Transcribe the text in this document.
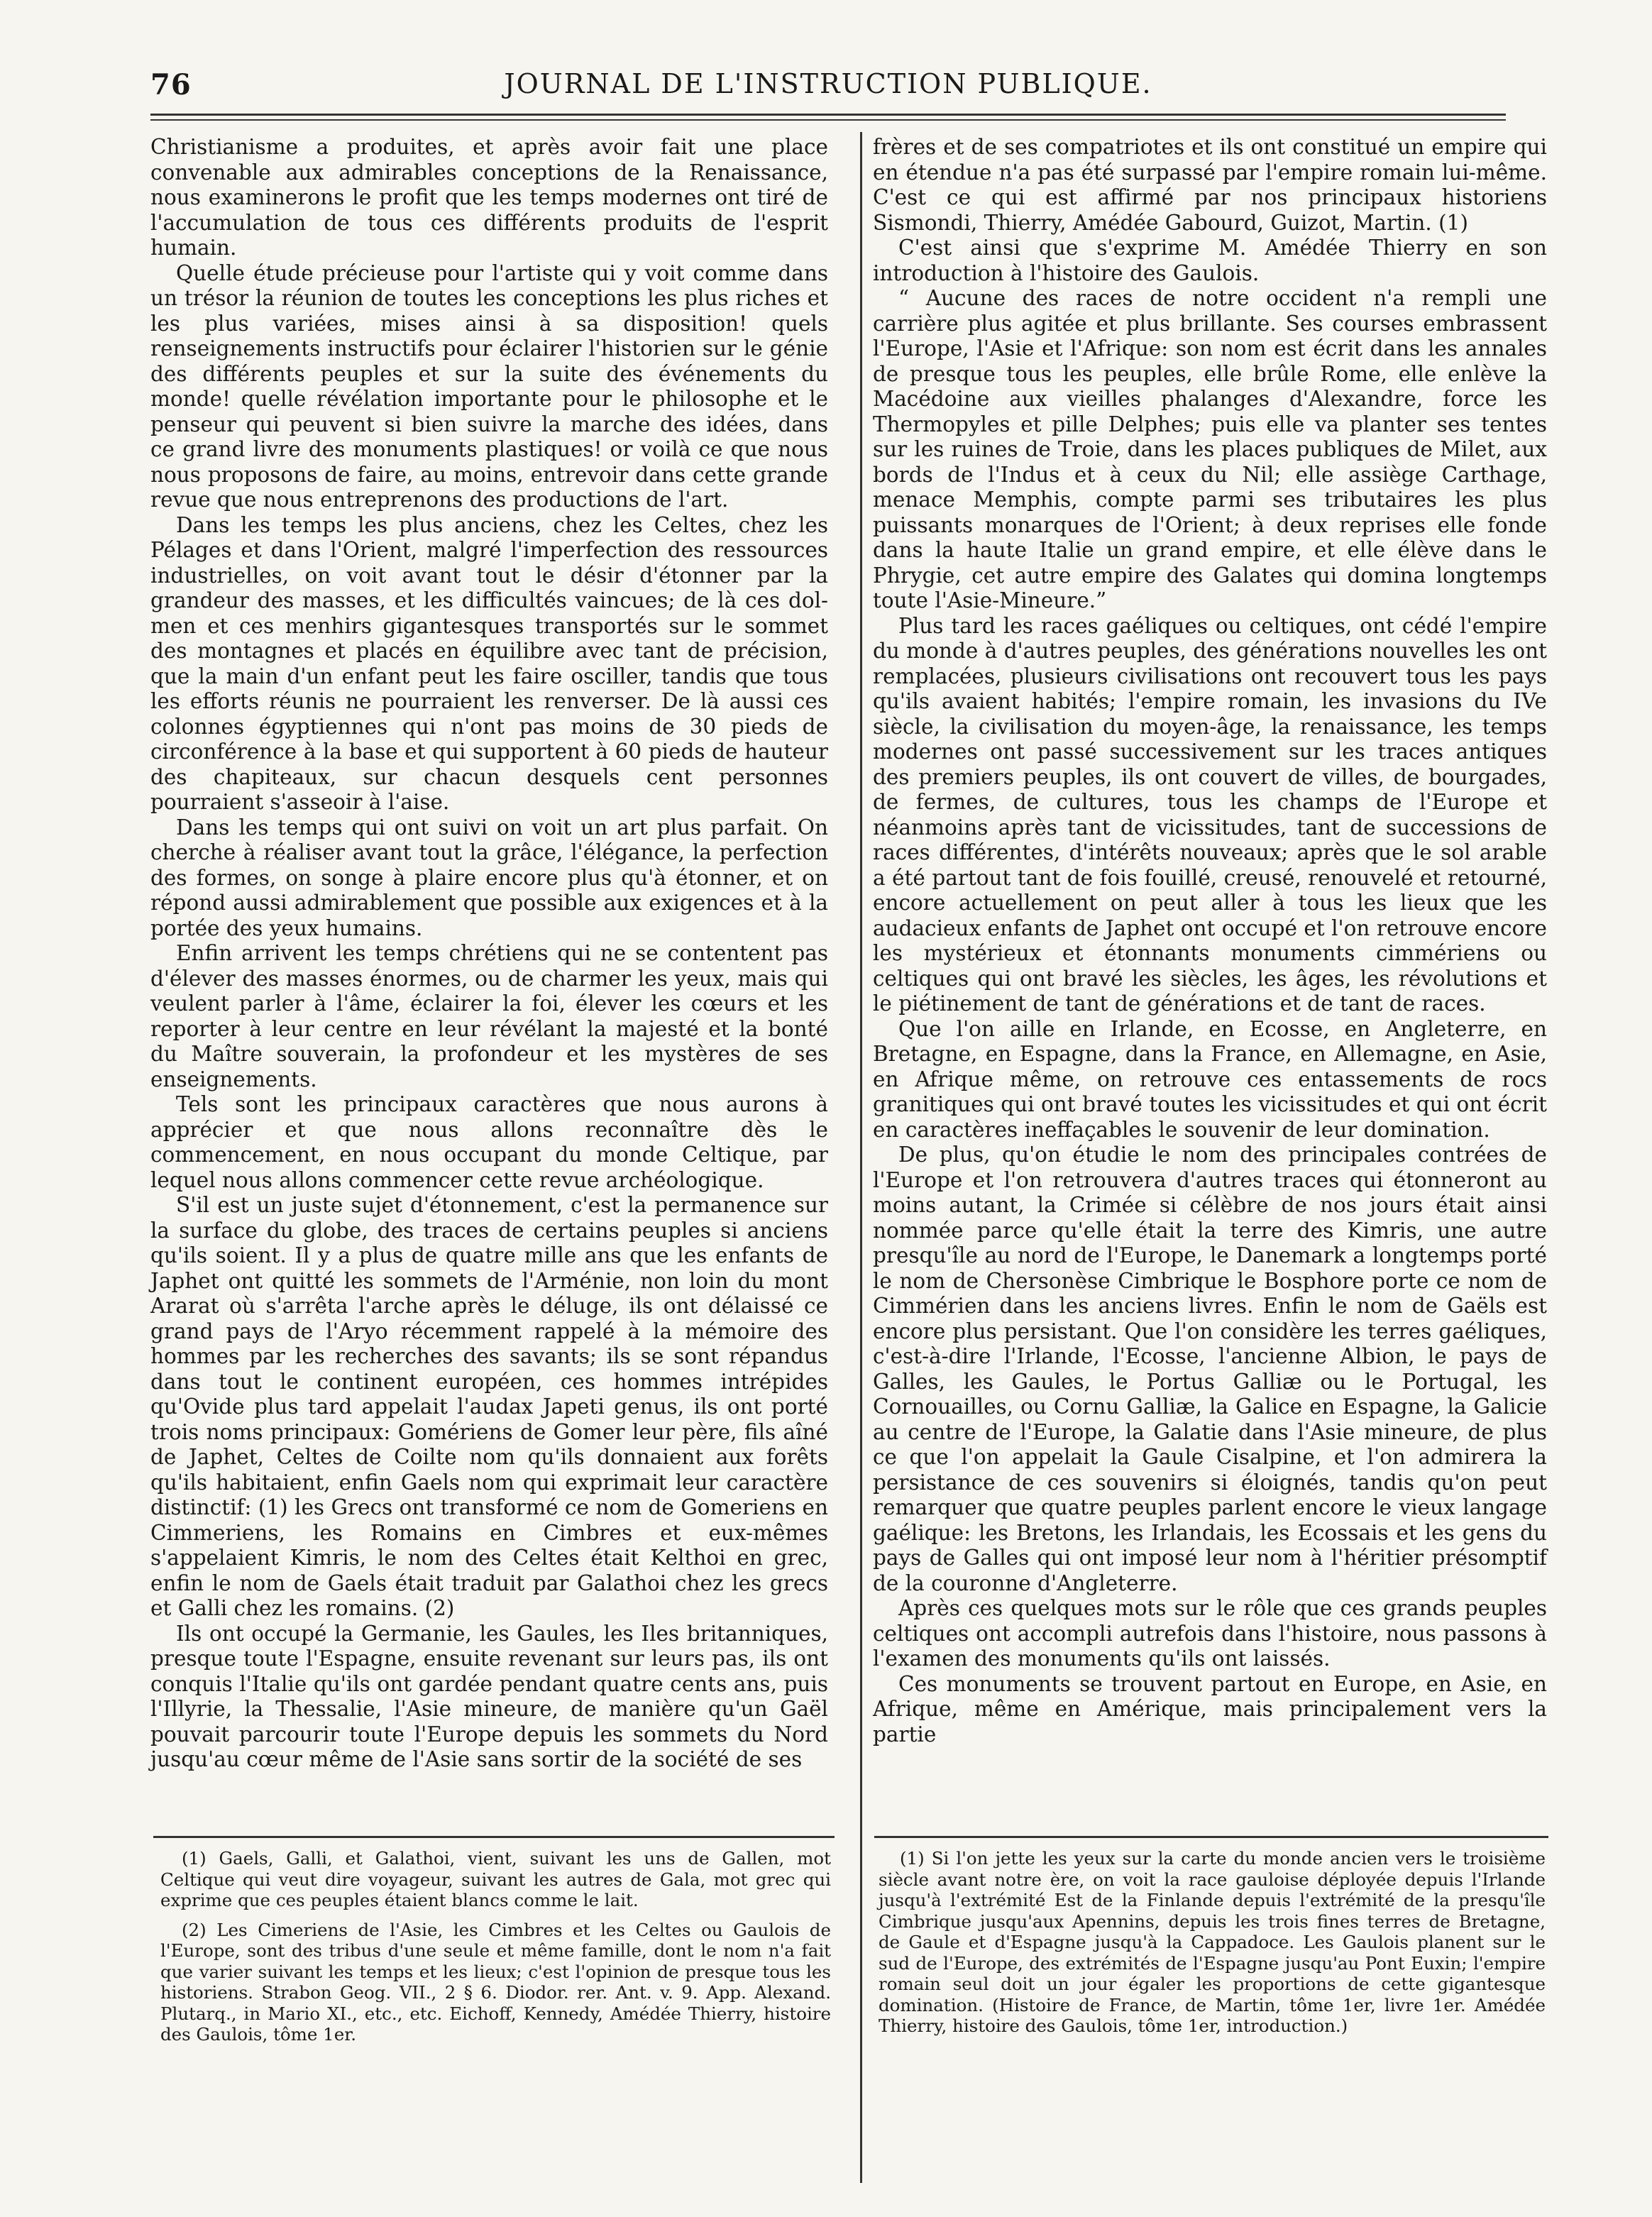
76	JOURNAL DE L'INSTRUCTION PUBLIQUE.

Christianisme a produites, et après avoir fait une place convenable aux admirables conceptions de la Renaissance, nous examinerons le profit que les temps modernes ont tiré de l'accumulation de tous ces différents produits de l'esprit humain.

Quelle étude précieuse pour l'artiste qui y voit comme dans un trésor la réunion de toutes les conceptions les plus riches et les plus variées, mises ainsi à sa disposition! quels renseignements instructifs pour éclairer l'historien sur le génie des différents peuples et sur la suite des événements du monde! quelle révélation importante pour le philosophe et le penseur qui peuvent si bien suivre la marche des idées, dans ce grand livre des monuments plastiques! or voilà ce que nous nous proposons de faire, au moins, entrevoir dans cette grande revue que nous entreprenons des productions de l'art.

Dans les temps les plus anciens, chez les Celtes, chez les Pélages et dans l'Orient, malgré l'imperfection des ressources industrielles, on voit avant tout le désir d'étonner par la grandeur des masses, et les difficultés vaincues; de là ces dol-men et ces menhirs gigantesques transportés sur le sommet des montagnes et placés en équilibre avec tant de précision, que la main d'un enfant peut les faire osciller, tandis que tous les efforts réunis ne pourraient les renverser. De là aussi ces colonnes égyptiennes qui n'ont pas moins de 30 pieds de circonférence à la base et qui supportent à 60 pieds de hauteur des chapiteaux, sur chacun desquels cent personnes pourraient s'asseoir à l'aise.

Dans les temps qui ont suivi on voit un art plus parfait. On cherche à réaliser avant tout la grâce, l'élégance, la perfection des formes, on songe à plaire encore plus qu'à étonner, et on répond aussi admirablement que possible aux exigences et à la portée des yeux humains.

Enfin arrivent les temps chrétiens qui ne se contentent pas d'élever des masses énormes, ou de charmer les yeux, mais qui veulent parler à l'âme, éclairer la foi, élever les cœurs et les reporter à leur centre en leur révélant la majesté et la bonté du Maître souverain, la profondeur et les mystères de ses enseignements.

Tels sont les principaux caractères que nous aurons à apprécier et que nous allons reconnaître dès le commencement, en nous occupant du monde Celtique, par lequel nous allons commencer cette revue archéologique.

S'il est un juste sujet d'étonnement, c'est la permanence sur la surface du globe, des traces de certains peuples si anciens qu'ils soient. Il y a plus de quatre mille ans que les enfants de Japhet ont quitté les sommets de l'Arménie, non loin du mont Ararat où s'arrêta l'arche après le déluge, ils ont délaissé ce grand pays de l'Aryo récemment rappelé à la mémoire des hommes par les recherches des savants; ils se sont répandus dans tout le continent européen, ces hommes intrépides qu'Ovide plus tard appelait l'audax Japeti genus, ils ont porté trois noms principaux: Gomériens de Gomer leur père, fils aîné de Japhet, Celtes de Coilte nom qu'ils donnaient aux forêts qu'ils habitaient, enfin Gaels nom qui exprimait leur caractère distinctif: (1) les Grecs ont transformé ce nom de Gomeriens en Cimmeriens, les Romains en Cimbres et eux-mêmes s'appelaient Kimris, le nom des Celtes était Kelthoi en grec, enfin le nom de Gaels était traduit par Galathoi chez les grecs et Galli chez les romains. (2)

Ils ont occupé la Germanie, les Gaules, les Iles britanniques, presque toute l'Espagne, ensuite revenant sur leurs pas, ils ont conquis l'Italie qu'ils ont gardée pendant quatre cents ans, puis l'Illyrie, la Thessalie, l'Asie mineure, de manière qu'un Gaël pouvait parcourir toute l'Europe depuis les sommets du Nord jusqu'au cœur même de l'Asie sans sortir de la société de ses

frères et de ses compatriotes et ils ont constitué un empire qui en étendue n'a pas été surpassé par l'empire romain lui-même. C'est ce qui est affirmé par nos principaux historiens Sismondi, Thierry, Amédée Gabourd, Guizot, Martin. (1)

C'est ainsi que s'exprime M. Amédée Thierry en son introduction à l'histoire des Gaulois.

“ Aucune des races de notre occident n'a rempli une carrière plus agitée et plus brillante. Ses courses embrassent l'Europe, l'Asie et l'Afrique: son nom est écrit dans les annales de presque tous les peuples, elle brûle Rome, elle enlève la Macédoine aux vieilles phalanges d'Alexandre, force les Thermopyles et pille Delphes; puis elle va planter ses tentes sur les ruines de Troie, dans les places publiques de Milet, aux bords de l'Indus et à ceux du Nil; elle assiège Carthage, menace Memphis, compte parmi ses tributaires les plus puissants monarques de l'Orient; à deux reprises elle fonde dans la haute Italie un grand empire, et elle élève dans le Phrygie, cet autre empire des Galates qui domina longtemps toute l'Asie-Mineure.”

Plus tard les races gaéliques ou celtiques, ont cédé l'empire du monde à d'autres peuples, des générations nouvelles les ont remplacées, plusieurs civilisations ont recouvert tous les pays qu'ils avaient habités; l'empire romain, les invasions du IVe siècle, la civilisation du moyen-âge, la renaissance, les temps modernes ont passé successivement sur les traces antiques des premiers peuples, ils ont couvert de villes, de bourgades, de fermes, de cultures, tous les champs de l'Europe et néanmoins après tant de vicissitudes, tant de successions de races différentes, d'intérêts nouveaux; après que le sol arable a été partout tant de fois fouillé, creusé, renouvelé et retourné, encore actuellement on peut aller à tous les lieux que les audacieux enfants de Japhet ont occupé et l'on retrouve encore les mystérieux et étonnants monuments cimmériens ou celtiques qui ont bravé les siècles, les âges, les révolutions et le piétinement de tant de générations et de tant de races.

Que l'on aille en Irlande, en Ecosse, en Angleterre, en Bretagne, en Espagne, dans la France, en Allemagne, en Asie, en Afrique même, on retrouve ces entassements de rocs granitiques qui ont bravé toutes les vicissitudes et qui ont écrit en caractères ineffaçables le souvenir de leur domination.

De plus, qu'on étudie le nom des principales contrées de l'Europe et l'on retrouvera d'autres traces qui étonneront au moins autant, la Crimée si célèbre de nos jours était ainsi nommée parce qu'elle était la terre des Kimris, une autre presqu'île au nord de l'Europe, le Danemark a longtemps porté le nom de Chersonèse Cimbrique le Bosphore porte ce nom de Cimmérien dans les anciens livres. Enfin le nom de Gaëls est encore plus persistant. Que l'on considère les terres gaéliques, c'est-à-dire l'Irlande, l'Ecosse, l'ancienne Albion, le pays de Galles, les Gaules, le Portus Galliæ ou le Portugal, les Cornouailles, ou Cornu Galliæ, la Galice en Espagne, la Galicie au centre de l'Europe, la Galatie dans l'Asie mineure, de plus ce que l'on appelait la Gaule Cisalpine, et l'on admirera la persistance de ces souvenirs si éloignés, tandis qu'on peut remarquer que quatre peuples parlent encore le vieux langage gaélique: les Bretons, les Irlandais, les Ecossais et les gens du pays de Galles qui ont imposé leur nom à l'héritier présomptif de la couronne d'Angleterre.

Après ces quelques mots sur le rôle que ces grands peuples celtiques ont accompli autrefois dans l'histoire, nous passons à l'examen des monuments qu'ils ont laissés.

Ces monuments se trouvent partout en Europe, en Asie, en Afrique, même en Amérique, mais principalement vers la partie

(1) Gaels, Galli, et Galathoi, vient, suivant les uns de Gallen, mot Celtique qui veut dire voyageur, suivant les autres de Gala, mot grec qui exprime que ces peuples étaient blancs comme le lait.

(2) Les Cimeriens de l'Asie, les Cimbres et les Celtes ou Gaulois de l'Europe, sont des tribus d'une seule et même famille, dont le nom n'a fait que varier suivant les temps et les lieux; c'est l'opinion de presque tous les historiens. Strabon Geog. VII., 2 § 6. Diodor. rer. Ant. v. 9. App. Alexand. Plutarq., in Mario XI., etc., etc. Eichoff, Kennedy, Amédée Thierry, histoire des Gaulois, tôme 1er.

(1) Si l'on jette les yeux sur la carte du monde ancien vers le troisième siècle avant notre ère, on voit la race gauloise déployée depuis l'Irlande jusqu'à l'extrémité Est de la Finlande depuis l'extrémité de la presqu'île Cimbrique jusqu'aux Apennins, depuis les trois fines terres de Bretagne, de Gaule et d'Espagne jusqu'à la Cappadoce. Les Gaulois planent sur le sud de l'Europe, des extrémités de l'Espagne jusqu'au Pont Euxin; l'empire romain seul doit un jour égaler les proportions de cette gigantesque domination. (Histoire de France, de Martin, tôme 1er, livre 1er. Amédée Thierry, histoire des Gaulois, tôme 1er, introduction.)
